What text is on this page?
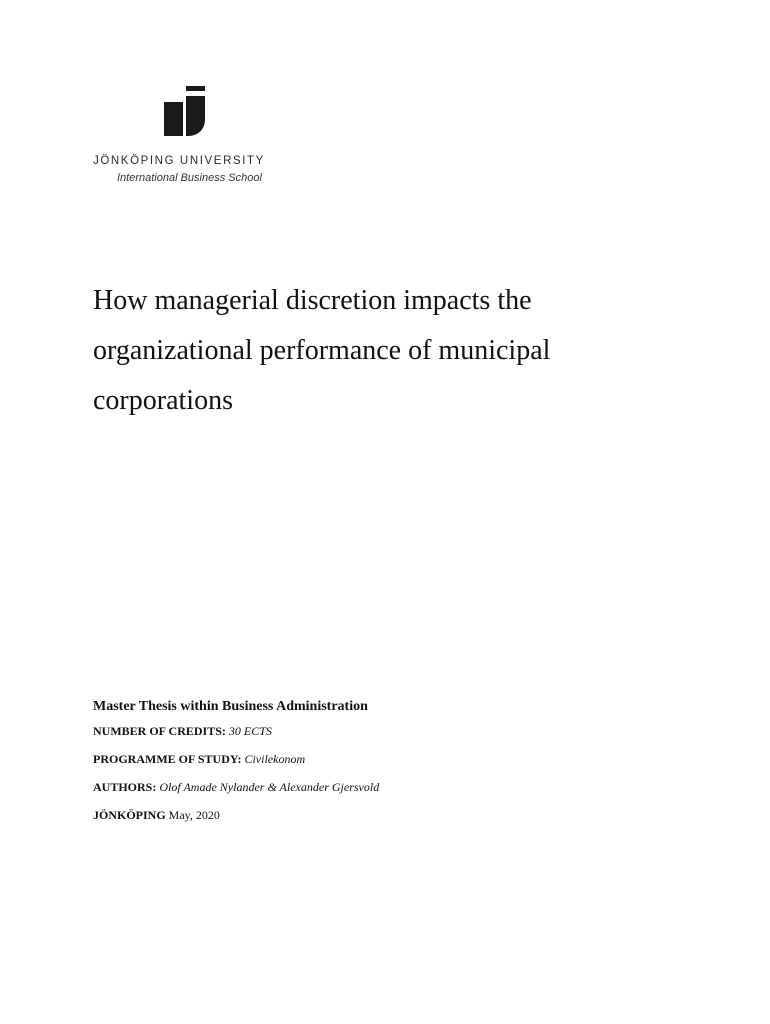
JÖNKÖPING UNIVERSITY
International Business School
How managerial discretion impacts the
organizational performance of municipal
corporations

Master Thesis within Business Administration

NUMBER OF CREDITS: 30 ECTS

PROGRAMME OF STUDY: Civilekonom

AUTHORS: Olof Amade Nylander & Alexander Gjersvold

JÖNKÖPING May, 2020
